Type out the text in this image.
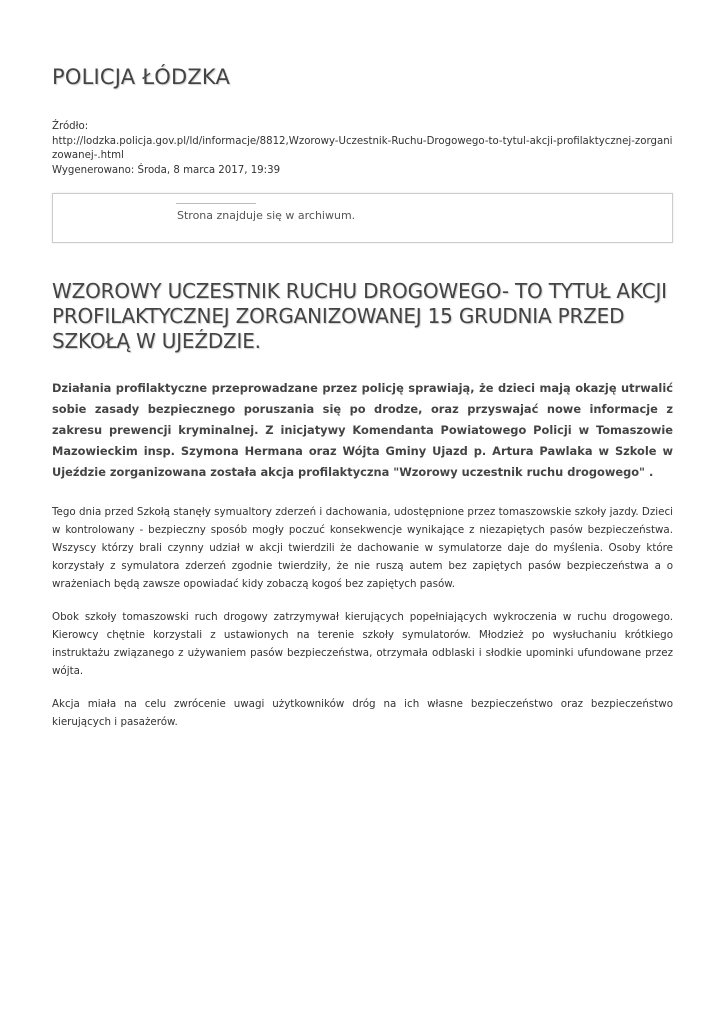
POLICJA ŁÓDZKA
Źródło:
http://lodzka.policja.gov.pl/ld/informacje/8812,Wzorowy-Uczestnik-Ruchu-Drogowego-to-tytul-akcji-profilaktycznej-zorganizowanej-.html
Wygenerowano: Środa, 8 marca 2017, 19:39
Strona znajduje się w archiwum.
WZOROWY UCZESTNIK RUCHU DROGOWEGO- TO TYTUŁ AKCJI PROFILAKTYCZNEJ ZORGANIZOWANEJ 15 GRUDNIA PRZED SZKOŁĄ W UJEŹDZIE.
Działania profilaktyczne przeprowadzane przez policję sprawiają, że dzieci mają okazję utrwalić sobie zasady bezpiecznego poruszania się po drodze, oraz przyswajać nowe informacje z zakresu prewencji kryminalnej. Z inicjatywy Komendanta Powiatowego Policji w Tomaszowie Mazowieckim insp. Szymona Hermana oraz Wójta Gminy Ujazd p. Artura Pawlaka w Szkole w Ujeździe zorganizowana została akcja profilaktyczna "Wzorowy uczestnik ruchu drogowego" .
Tego dnia przed Szkołą stanęły symualtory zderzeń i dachowania, udostępnione przez tomaszowskie szkoły jazdy. Dzieci w kontrolowany - bezpieczny sposób mogły poczuć konsekwencje wynikające z niezapiętych pasów bezpieczeństwa. Wszyscy którzy brali czynny udział w akcji twierdzili że dachowanie w symulatorze daje do myślenia. Osoby które korzystały z symulatora zderzeń zgodnie twierdziły, że nie ruszą autem bez zapiętych pasów bezpieczeństwa a o wrażeniach będą zawsze opowiadać kidy zobaczą kogoś bez zapiętych pasów.
Obok szkoły tomaszowski ruch drogowy zatrzymywał kierujących popełniających wykroczenia w ruchu drogowego. Kierowcy chętnie korzystali z ustawionych na terenie szkoły symulatorów. Młodzież po wysłuchaniu krótkiego instruktażu związanego z używaniem pasów bezpieczeństwa, otrzymała odblaski i słodkie upominki ufundowane przez wójta.
Akcja miała na celu zwrócenie uwagi użytkowników dróg na ich własne bezpieczeństwo oraz bezpieczeństwo kierujących i pasażerów.
